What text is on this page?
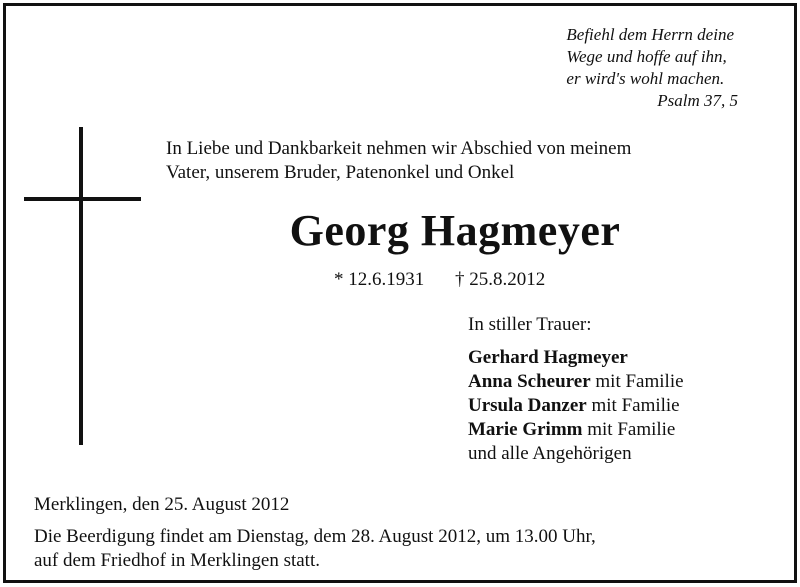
Befiehl dem Herrn deine
Wege und hoffe auf ihn,
er wird's wohl machen.
Psalm 37, 5
In Liebe und Dankbarkeit nehmen wir Abschied von meinem
Vater, unserem Bruder, Patenonkel und Onkel
Georg Hagmeyer
* 12.6.1931 † 25.8.2012
In stiller Trauer:
Gerhard Hagmeyer
Anna Scheurer mit Familie
Ursula Danzer mit Familie
Marie Grimm mit Familie
und alle Angehörigen
Merklingen, den 25. August 2012
Die Beerdigung findet am Dienstag, dem 28. August 2012, um 13.00 Uhr,
auf dem Friedhof in Merklingen statt.
